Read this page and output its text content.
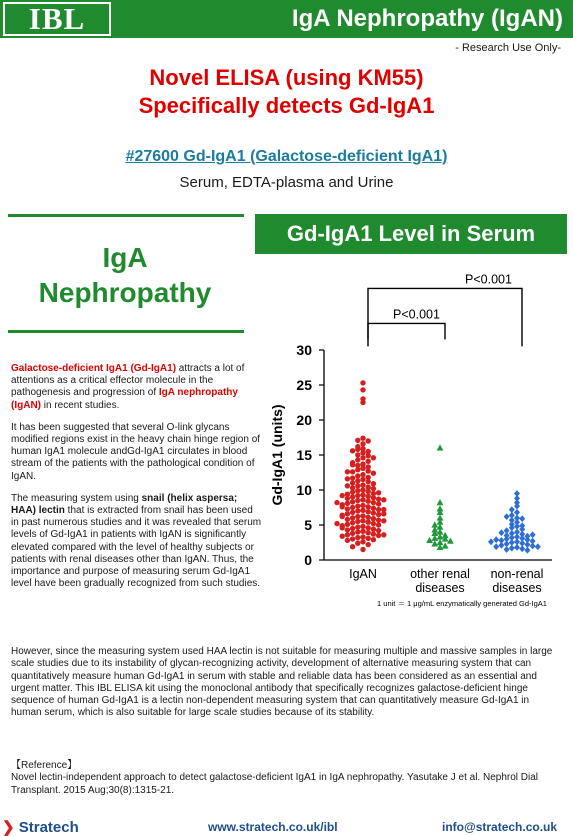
IBL	IgA Nephropathy (IgAN)
- Research Use Only-
Novel ELISA (using KM55)
Specifically detects Gd-IgA1
#27600 Gd-IgA1 (Galactose-deficient IgA1)
Serum, EDTA-plasma and Urine
IgA
Nephropathy
Gd-IgA1 Level in Serum

Galactose-deficient IgA1 (Gd-IgA1) attracts a lot of attentions as a critical effector molecule in the pathogenesis and progression of IgA nephropathy (IgAN) in recent studies.

It has been suggested that several O-link glycans modified regions exist in the heavy chain hinge region of human IgA1 molecule andGd-IgA1 circulates in blood stream of the patients with the pathological condition of IgAN.

The measuring system using snail (helix aspersa; HAA) lectin that is extracted from snail has been used in past numerous studies and it was revealed that serum levels of Gd-IgA1 in patients with IgAN is significantly elevated compared with the level of healthy subjects or patients with renal diseases other than IgAN. Thus, the importance and purpose of measuring serum Gd-IgA1 level have been gradually recognized from such studies.

0
5
10
15
20
25
30
Gd-IgA1 (units)
IgAN	other renal
diseases
non-renal
diseases
P<0.001
P<0.001
1 unit ＝ 1 μg/mL enzymatically generated Gd-IgA1
However, since the measuring system used HAA lectin is not suitable for measuring multiple and massive samples in large scale studies due to its instability of glycan-recognizing activity, development of alternative measuring system that can quantitatively measure human Gd-IgA1 in serum with stable and reliable data has been considered as an essential and urgent matter. This IBL ELISA kit using the monoclonal antibody that specifically recognizes galactose-deficient hinge sequence of human Gd-IgA1 is a lectin non-dependent measuring system that can quantitatively measure Gd-IgA1 in human serum, which is also suitable for large scale studies because of its stability.
【Reference】
Novel lectin-independent approach to detect galactose-deficient IgA1 in IgA nephropathy. Yasutake J et al. Nephrol Dial Transplant. 2015 Aug;30(8):1315-21.
❯ Stratech	www.stratech.co.uk/ibl	info@stratech.co.uk
